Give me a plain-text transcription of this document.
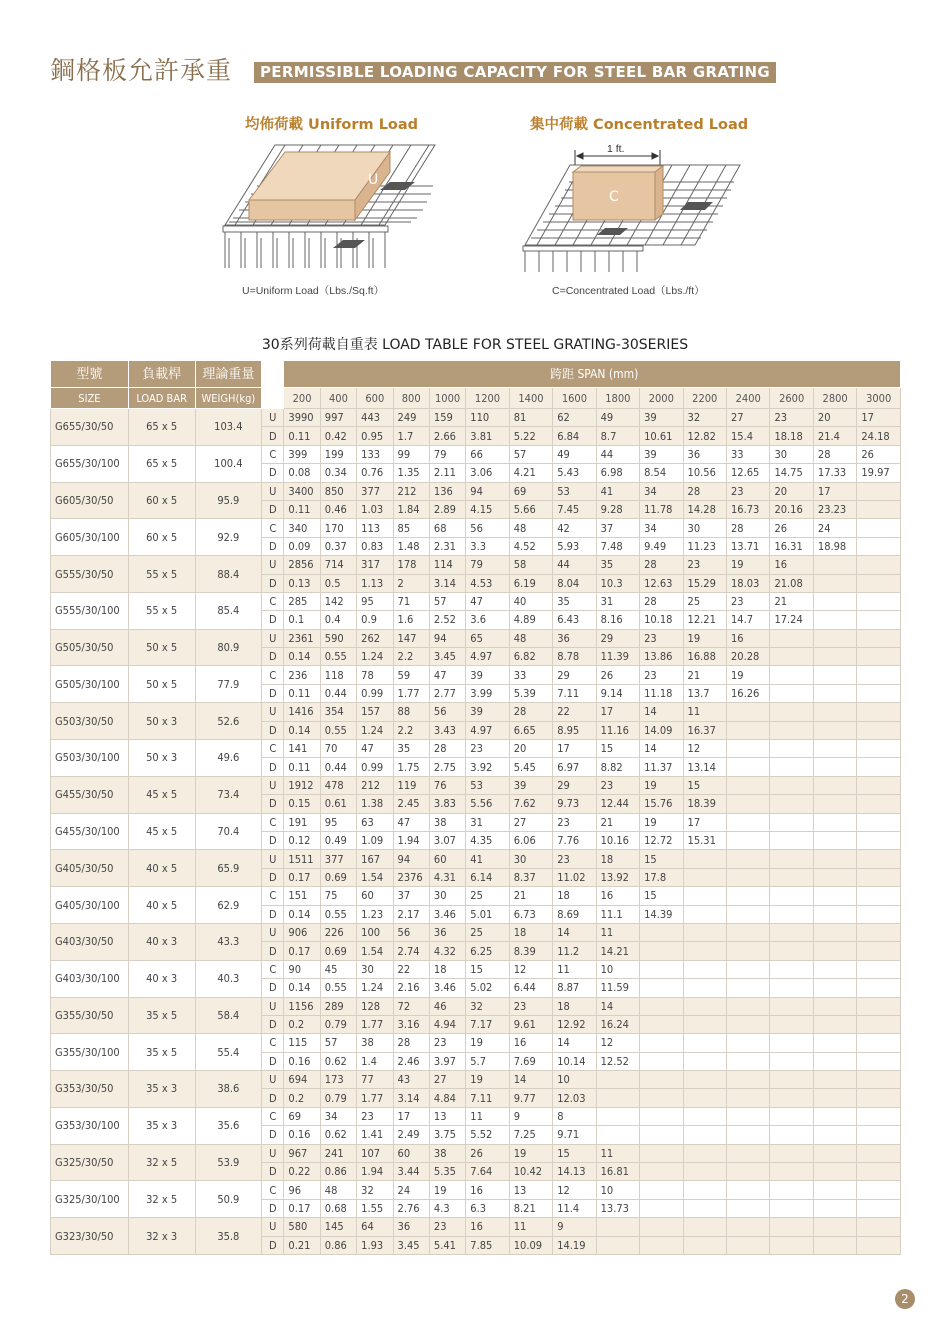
鋼格板允許承重	PERMISSIBLE LOADING CAPACITY FOR STEEL BAR GRATING
均佈荷載 Uniform Load
U
U=Uniform Load（Lbs./Sq.ft）
集中荷載 Concentrated Load
1 ft.
C
C=Concentrated Load（Lbs./ft）
30系列荷載自重表 LOAD TABLE FOR STEEL GRATING-30SERIES
型號	負載桿	理論重量		跨距 SPAN (mm)														
SIZE	LOAD BAR	WEIGH(kg)		200	400	600	800	1000	1200	1400	1600	1800	2000	2200	2400	2600	2800	3000
G655/30/50	65 x 5	103.4	U	3990	997	443	249	159	110	81	62	49	39	32	27	23	20	17
			D	0.11	0.42	0.95	1.7	2.66	3.81	5.22	6.84	8.7	10.61	12.82	15.4	18.18	21.4	24.18
G655/30/100	65 x 5	100.4	C	399	199	133	99	79	66	57	49	44	39	36	33	30	28	26
			D	0.08	0.34	0.76	1.35	2.11	3.06	4.21	5.43	6.98	8.54	10.56	12.65	14.75	17.33	19.97
G605/30/50	60 x 5	95.9	U	3400	850	377	212	136	94	69	53	41	34	28	23	20	17	
			D	0.11	0.46	1.03	1.84	2.89	4.15	5.66	7.45	9.28	11.78	14.28	16.73	20.16	23.23	
G605/30/100	60 x 5	92.9	C	340	170	113	85	68	56	48	42	37	34	30	28	26	24	
			D	0.09	0.37	0.83	1.48	2.31	3.3	4.52	5.93	7.48	9.49	11.23	13.71	16.31	18.98	
G555/30/50	55 x 5	88.4	U	2856	714	317	178	114	79	58	44	35	28	23	19	16		
			D	0.13	0.5	1.13	2	3.14	4.53	6.19	8.04	10.3	12.63	15.29	18.03	21.08		
G555/30/100	55 x 5	85.4	C	285	142	95	71	57	47	40	35	31	28	25	23	21		
			D	0.1	0.4	0.9	1.6	2.52	3.6	4.89	6.43	8.16	10.18	12.21	14.7	17.24		
G505/30/50	50 x 5	80.9	U	2361	590	262	147	94	65	48	36	29	23	19	16			
			D	0.14	0.55	1.24	2.2	3.45	4.97	6.82	8.78	11.39	13.86	16.88	20.28			
G505/30/100	50 x 5	77.9	C	236	118	78	59	47	39	33	29	26	23	21	19			
			D	0.11	0.44	0.99	1.77	2.77	3.99	5.39	7.11	9.14	11.18	13.7	16.26			
G503/30/50	50 x 3	52.6	U	1416	354	157	88	56	39	28	22	17	14	11				
			D	0.14	0.55	1.24	2.2	3.43	4.97	6.65	8.95	11.16	14.09	16.37				
G503/30/100	50 x 3	49.6	C	141	70	47	35	28	23	20	17	15	14	12				
			D	0.11	0.44	0.99	1.75	2.75	3.92	5.45	6.97	8.82	11.37	13.14				
G455/30/50	45 x 5	73.4	U	1912	478	212	119	76	53	39	29	23	19	15				
			D	0.15	0.61	1.38	2.45	3.83	5.56	7.62	9.73	12.44	15.76	18.39				
G455/30/100	45 x 5	70.4	C	191	95	63	47	38	31	27	23	21	19	17				
			D	0.12	0.49	1.09	1.94	3.07	4.35	6.06	7.76	10.16	12.72	15.31				
G405/30/50	40 x 5	65.9	U	1511	377	167	94	60	41	30	23	18	15					
			D	0.17	0.69	1.54	2376	4.31	6.14	8.37	11.02	13.92	17.8					
G405/30/100	40 x 5	62.9	C	151	75	60	37	30	25	21	18	16	15					
			D	0.14	0.55	1.23	2.17	3.46	5.01	6.73	8.69	11.1	14.39					
G403/30/50	40 x 3	43.3	U	906	226	100	56	36	25	18	14	11						
			D	0.17	0.69	1.54	2.74	4.32	6.25	8.39	11.2	14.21						
G403/30/100	40 x 3	40.3	C	90	45	30	22	18	15	12	11	10						
			D	0.14	0.55	1.24	2.16	3.46	5.02	6.44	8.87	11.59						
G355/30/50	35 x 5	58.4	U	1156	289	128	72	46	32	23	18	14						
			D	0.2	0.79	1.77	3.16	4.94	7.17	9.61	12.92	16.24						
G355/30/100	35 x 5	55.4	C	115	57	38	28	23	19	16	14	12						
			D	0.16	0.62	1.4	2.46	3.97	5.7	7.69	10.14	12.52						
G353/30/50	35 x 3	38.6	U	694	173	77	43	27	19	14	10							
			D	0.2	0.79	1.77	3.14	4.84	7.11	9.77	12.03							
G353/30/100	35 x 3	35.6	C	69	34	23	17	13	11	9	8							
			D	0.16	0.62	1.41	2.49	3.75	5.52	7.25	9.71							
G325/30/50	32 x 5	53.9	U	967	241	107	60	38	26	19	15	11						
			D	0.22	0.86	1.94	3.44	5.35	7.64	10.42	14.13	16.81						
G325/30/100	32 x 5	50.9	C	96	48	32	24	19	16	13	12	10						
			D	0.17	0.68	1.55	2.76	4.3	6.3	8.21	11.4	13.73						
G323/30/50	32 x 3	35.8	U	580	145	64	36	23	16	11	9							
			D	0.21	0.86	1.93	3.45	5.41	7.85	10.09	14.19							
2
